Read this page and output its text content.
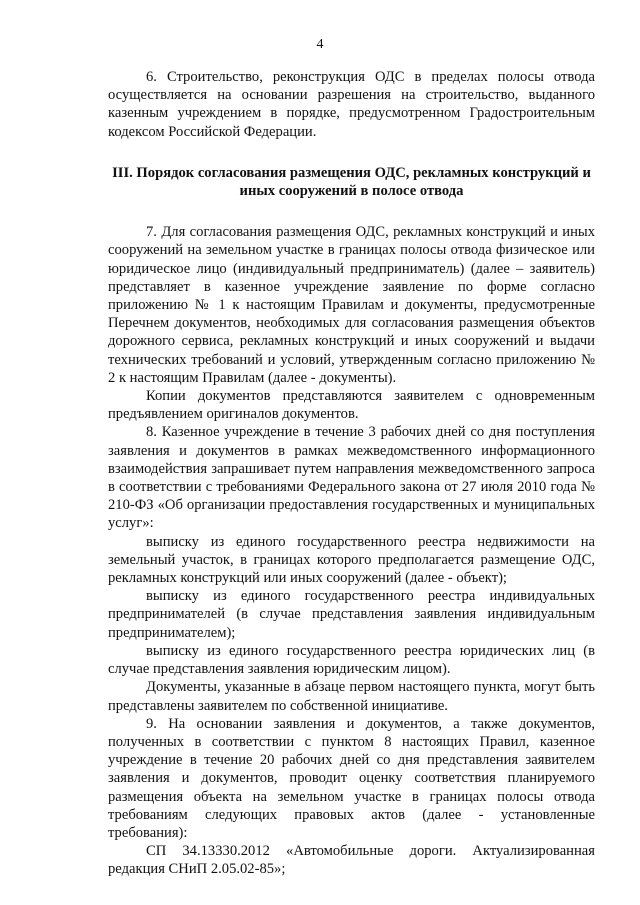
4

6. Строительство, реконструкция ОДС в пределах полосы отвода осуществляется на основании разрешения на строительство, выданного казенным учреждением в порядке, предусмотренном Градостроительным кодексом Российской Федерации.

III. Порядок согласования размещения ОДС, рекламных конструкций и иных сооружений в полосе отвода

7. Для согласования размещения ОДС, рекламных конструкций и иных сооружений на земельном участке в границах полосы отвода физическое или юридическое лицо (индивидуальный предприниматель) (далее – заявитель) представляет в казенное учреждение заявление по форме согласно приложению № 1 к настоящим Правилам и документы, предусмотренные Перечнем документов, необходимых для согласования размещения объектов дорожного сервиса, рекламных конструкций и иных сооружений и выдачи технических требований и условий, утвержденным согласно приложению № 2 к настоящим Правилам (далее - документы).

Копии документов представляются заявителем с одновременным предъявлением оригиналов документов.

8. Казенное учреждение в течение 3 рабочих дней со дня поступления заявления и документов в рамках межведомственного информационного взаимодействия запрашивает путем направления межведомственного запроса в соответствии с требованиями Федерального закона от 27 июля 2010 года № 210-ФЗ «Об организации предоставления государственных и муниципальных услуг»:

выписку из единого государственного реестра недвижимости на земельный участок, в границах которого предполагается размещение ОДС, рекламных конструкций или иных сооружений (далее - объект);

выписку из единого государственного реестра индивидуальных предпринимателей (в случае представления заявления индивидуальным предпринимателем);

выписку из единого государственного реестра юридических лиц (в случае представления заявления юридическим лицом).

Документы, указанные в абзаце первом настоящего пункта, могут быть представлены заявителем по собственной инициативе.

9. На основании заявления и документов, а также документов, полученных в соответствии с пунктом 8 настоящих Правил, казенное учреждение в течение 20 рабочих дней со дня представления заявителем заявления и документов, проводит оценку соответствия планируемого размещения объекта на земельном участке в границах полосы отвода требованиям следующих правовых актов (далее - установленные требования):

СП 34.13330.2012 «Автомобильные дороги. Актуализированная редакция СНиП 2.05.02-85»;
